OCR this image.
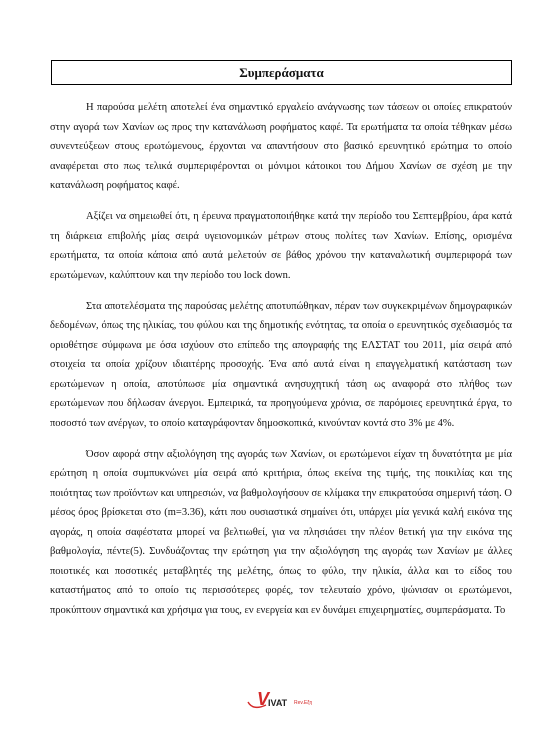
Συμπεράσματα

Η παρούσα μελέτη αποτελεί ένα σημαντικό εργαλείο ανάγνωσης των τάσεων οι οποίες επικρατούν στην αγορά των Χανίων ως προς την κατανάλωση ροφήματος καφέ. Τα ερωτήματα τα οποία τέθηκαν μέσω συνεντεύξεων στους ερωτώμενους, έρχονται να απαντήσουν στο βασικό ερευνητικό ερώτημα το οποίο αναφέρεται στο πως τελικά συμπεριφέρονται οι μόνιμοι κάτοικοι του Δήμου Χανίων σε σχέση με την κατανάλωση ροφήματος καφέ.

Αξίζει να σημειωθεί ότι, η έρευνα πραγματοποιήθηκε κατά την περίοδο του Σεπτεμβρίου, άρα κατά τη διάρκεια επιβολής μίας σειρά υγειονομικών μέτρων στους πολίτες των Χανίων. Επίσης, ορισμένα ερωτήματα, τα οποία κάποια από αυτά μελετούν σε βάθος χρόνου την καταναλωτική συμπεριφορά των ερωτώμενων, καλύπτουν και την περίοδο του lock down.

Στα αποτελέσματα της παρούσας μελέτης αποτυπώθηκαν, πέραν των συγκεκριμένων δημογραφικών δεδομένων, όπως της ηλικίας, του φύλου και της δημοτικής ενότητας, τα οποία ο ερευνητικός σχεδιασμός τα οριοθέτησε σύμφωνα με όσα ισχύουν στο επίπεδο της απογραφής της ΕΛΣΤΑΤ του 2011, μία σειρά από στοιχεία τα οποία χρίζουν ιδιαιτέρης προσοχής. Ένα από αυτά είναι η επαγγελματική κατάσταση των ερωτώμενων η οποία, αποτύπωσε μία σημαντικά ανησυχητική τάση ως αναφορά στο πλήθος των ερωτώμενων που δήλωσαν άνεργοι. Εμπειρικά, τα προηγούμενα χρόνια, σε παρόμοιες ερευνητικά έργα, το ποσοστό των ανέργων, το οποίο καταγράφονταν δημοσκοπικά, κινούνταν κοντά στο 3% με 4%.

Όσον αφορά στην αξιολόγηση της αγοράς των Χανίων, οι ερωτώμενοι είχαν τη δυνατότητα με μία ερώτηση η οποία συμπυκνώνει μία σειρά από κριτήρια, όπως εκείνα της τιμής, της ποικιλίας και της ποιότητας των προϊόντων και υπηρεσιών, να βαθμολογήσουν σε κλίμακα την επικρατούσα σημερινή τάση. Ο μέσος όρος βρίσκεται στο (m=3.36), κάτι που ουσιαστικά σημαίνει ότι, υπάρχει μία γενικά καλή εικόνα της αγοράς, η οποία σαφέστατα μπορεί να βελτιωθεί, για να πλησιάσει την πλέον θετική για την εικόνα της βαθμολογία, πέντε(5). Συνδυάζοντας την ερώτηση για την αξιολόγηση της αγοράς των Χανίων με άλλες ποιοτικές και ποσοτικές μεταβλητές της μελέτης, όπως το φύλο, την ηλικία, άλλα και το είδος του καταστήματος από το οποίο τις περισσότερες φορές, τον τελευταίο χρόνο, ψώνισαν οι ερωτώμενοι, προκύπτουν σημαντικά και χρήσιμα για τους, εν ενεργεία και εν δυνάμει επιχειρηματίες, συμπεράσματα. Το

V
IVAT Rev.Eξη
